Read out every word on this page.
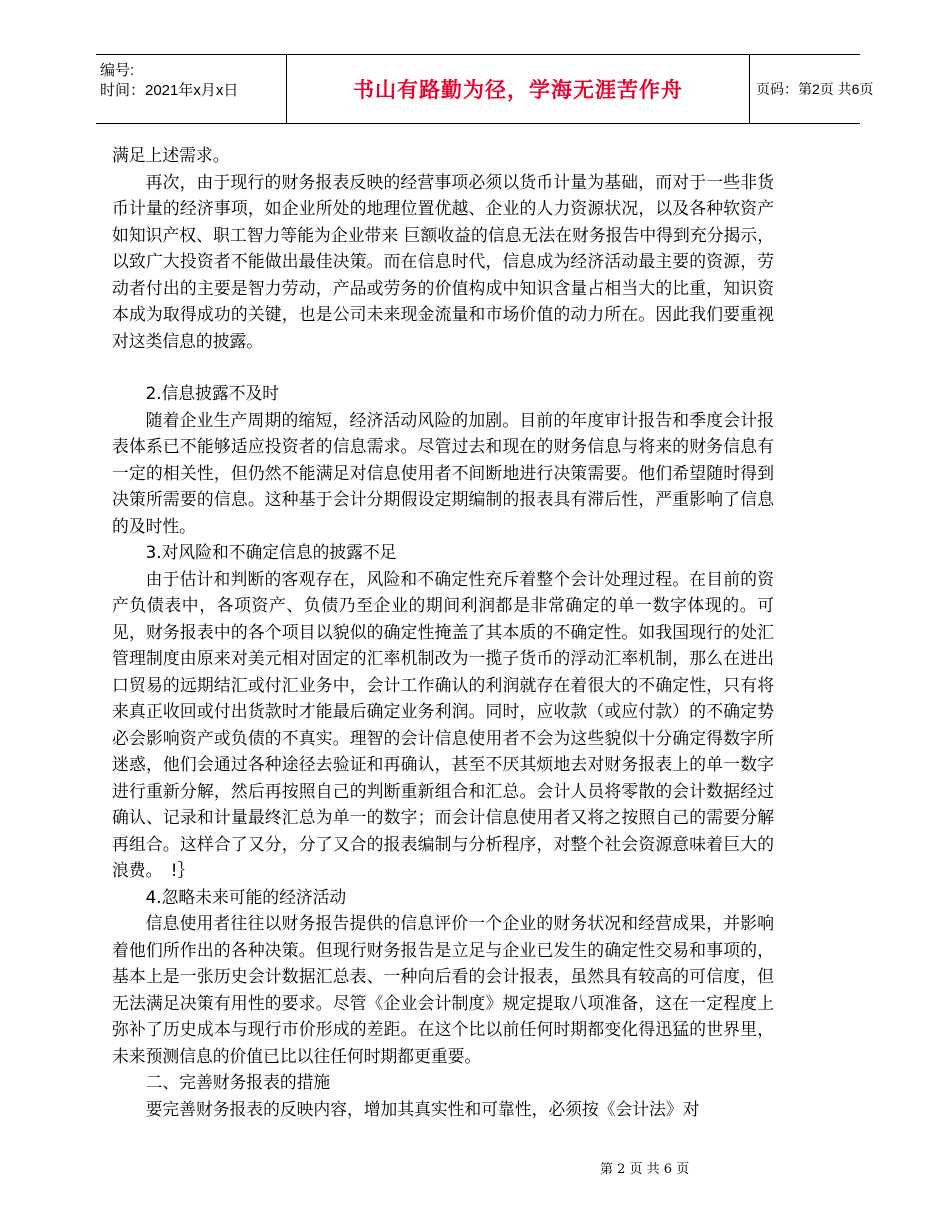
编号:
时间：2021年x月x日	书山有路勤为径，学海无涯苦作舟	页码：第2页 共6页

满足上述需求。

再次，由于现行的财务报表反映的经营事项必须以货币计量为基础，而对于一些非货币计量的经济事项，如企业所处的地理位置优越、企业的人力资源状况，以及各种软资产如知识产权、职工智力等能为企业带来 巨额收益的信息无法在财务报告中得到充分揭示，以致广大投资者不能做出最佳决策。而在信息时代，信息成为经济活动最主要的资源，劳动者付出的主要是智力劳动，产品或劳务的价值构成中知识含量占相当大的比重，知识资本成为取得成功的关键，也是公司未来现金流量和市场价值的动力所在。因此我们要重视对这类信息的披露。

2.信息披露不及时

随着企业生产周期的缩短，经济活动风险的加剧。目前的年度审计报告和季度会计报表体系已不能够适应投资者的信息需求。尽管过去和现在的财务信息与将来的财务信息有一定的相关性，但仍然不能满足对信息使用者不间断地进行决策需要。他们希望随时得到决策所需要的信息。这种基于会计分期假设定期编制的报表具有滞后性，严重影响了信息的及时性。

3.对风险和不确定信息的披露不足

由于估计和判断的客观存在，风险和不确定性充斥着整个会计处理过程。在目前的资产负债表中，各项资产、负债乃至企业的期间利润都是非常确定的单一数字体现的。可见，财务报表中的各个项目以貌似的确定性掩盖了其本质的不确定性。如我国现行的处汇管理制度由原来对美元相对固定的汇率机制改为一揽子货币的浮动汇率机制，那么在进出口贸易的远期结汇或付汇业务中，会计工作确认的利润就存在着很大的不确定性，只有将来真正收回或付出货款时才能最后确定业务利润。同时，应收款（或应付款）的不确定势必会影响资产或负债的不真实。理智的会计信息使用者不会为这些貌似十分确定得数字所迷惑，他们会通过各种途径去验证和再确认，甚至不厌其烦地去对财务报表上的单一数字进行重新分解，然后再按照自己的判断重新组合和汇总。会计人员将零散的会计数据经过确认、记录和计量最终汇总为单一的数字；而会计信息使用者又将之按照自己的需要分解再组合。这样合了又分，分了又合的报表编制与分析程序，对整个社会资源意味着巨大的浪费。　!｝

4.忽略未来可能的经济活动

信息使用者往往以财务报告提供的信息评价一个企业的财务状况和经营成果，并影响着他们所作出的各种决策。但现行财务报告是立足与企业已发生的确定性交易和事项的，基本上是一张历史会计数据汇总表、一种向后看的会计报表，虽然具有较高的可信度，但无法满足决策有用性的要求。尽管《企业会计制度》规定提取八项准备，这在一定程度上弥补了历史成本与现行市价形成的差距。在这个比以前任何时期都变化得迅猛的世界里，未来预测信息的价值已比以往任何时期都更重要。

二、完善财务报表的措施

要完善财务报表的反映内容，增加其真实性和可靠性，必须按《会计法》对

第 2 页 共 6 页
